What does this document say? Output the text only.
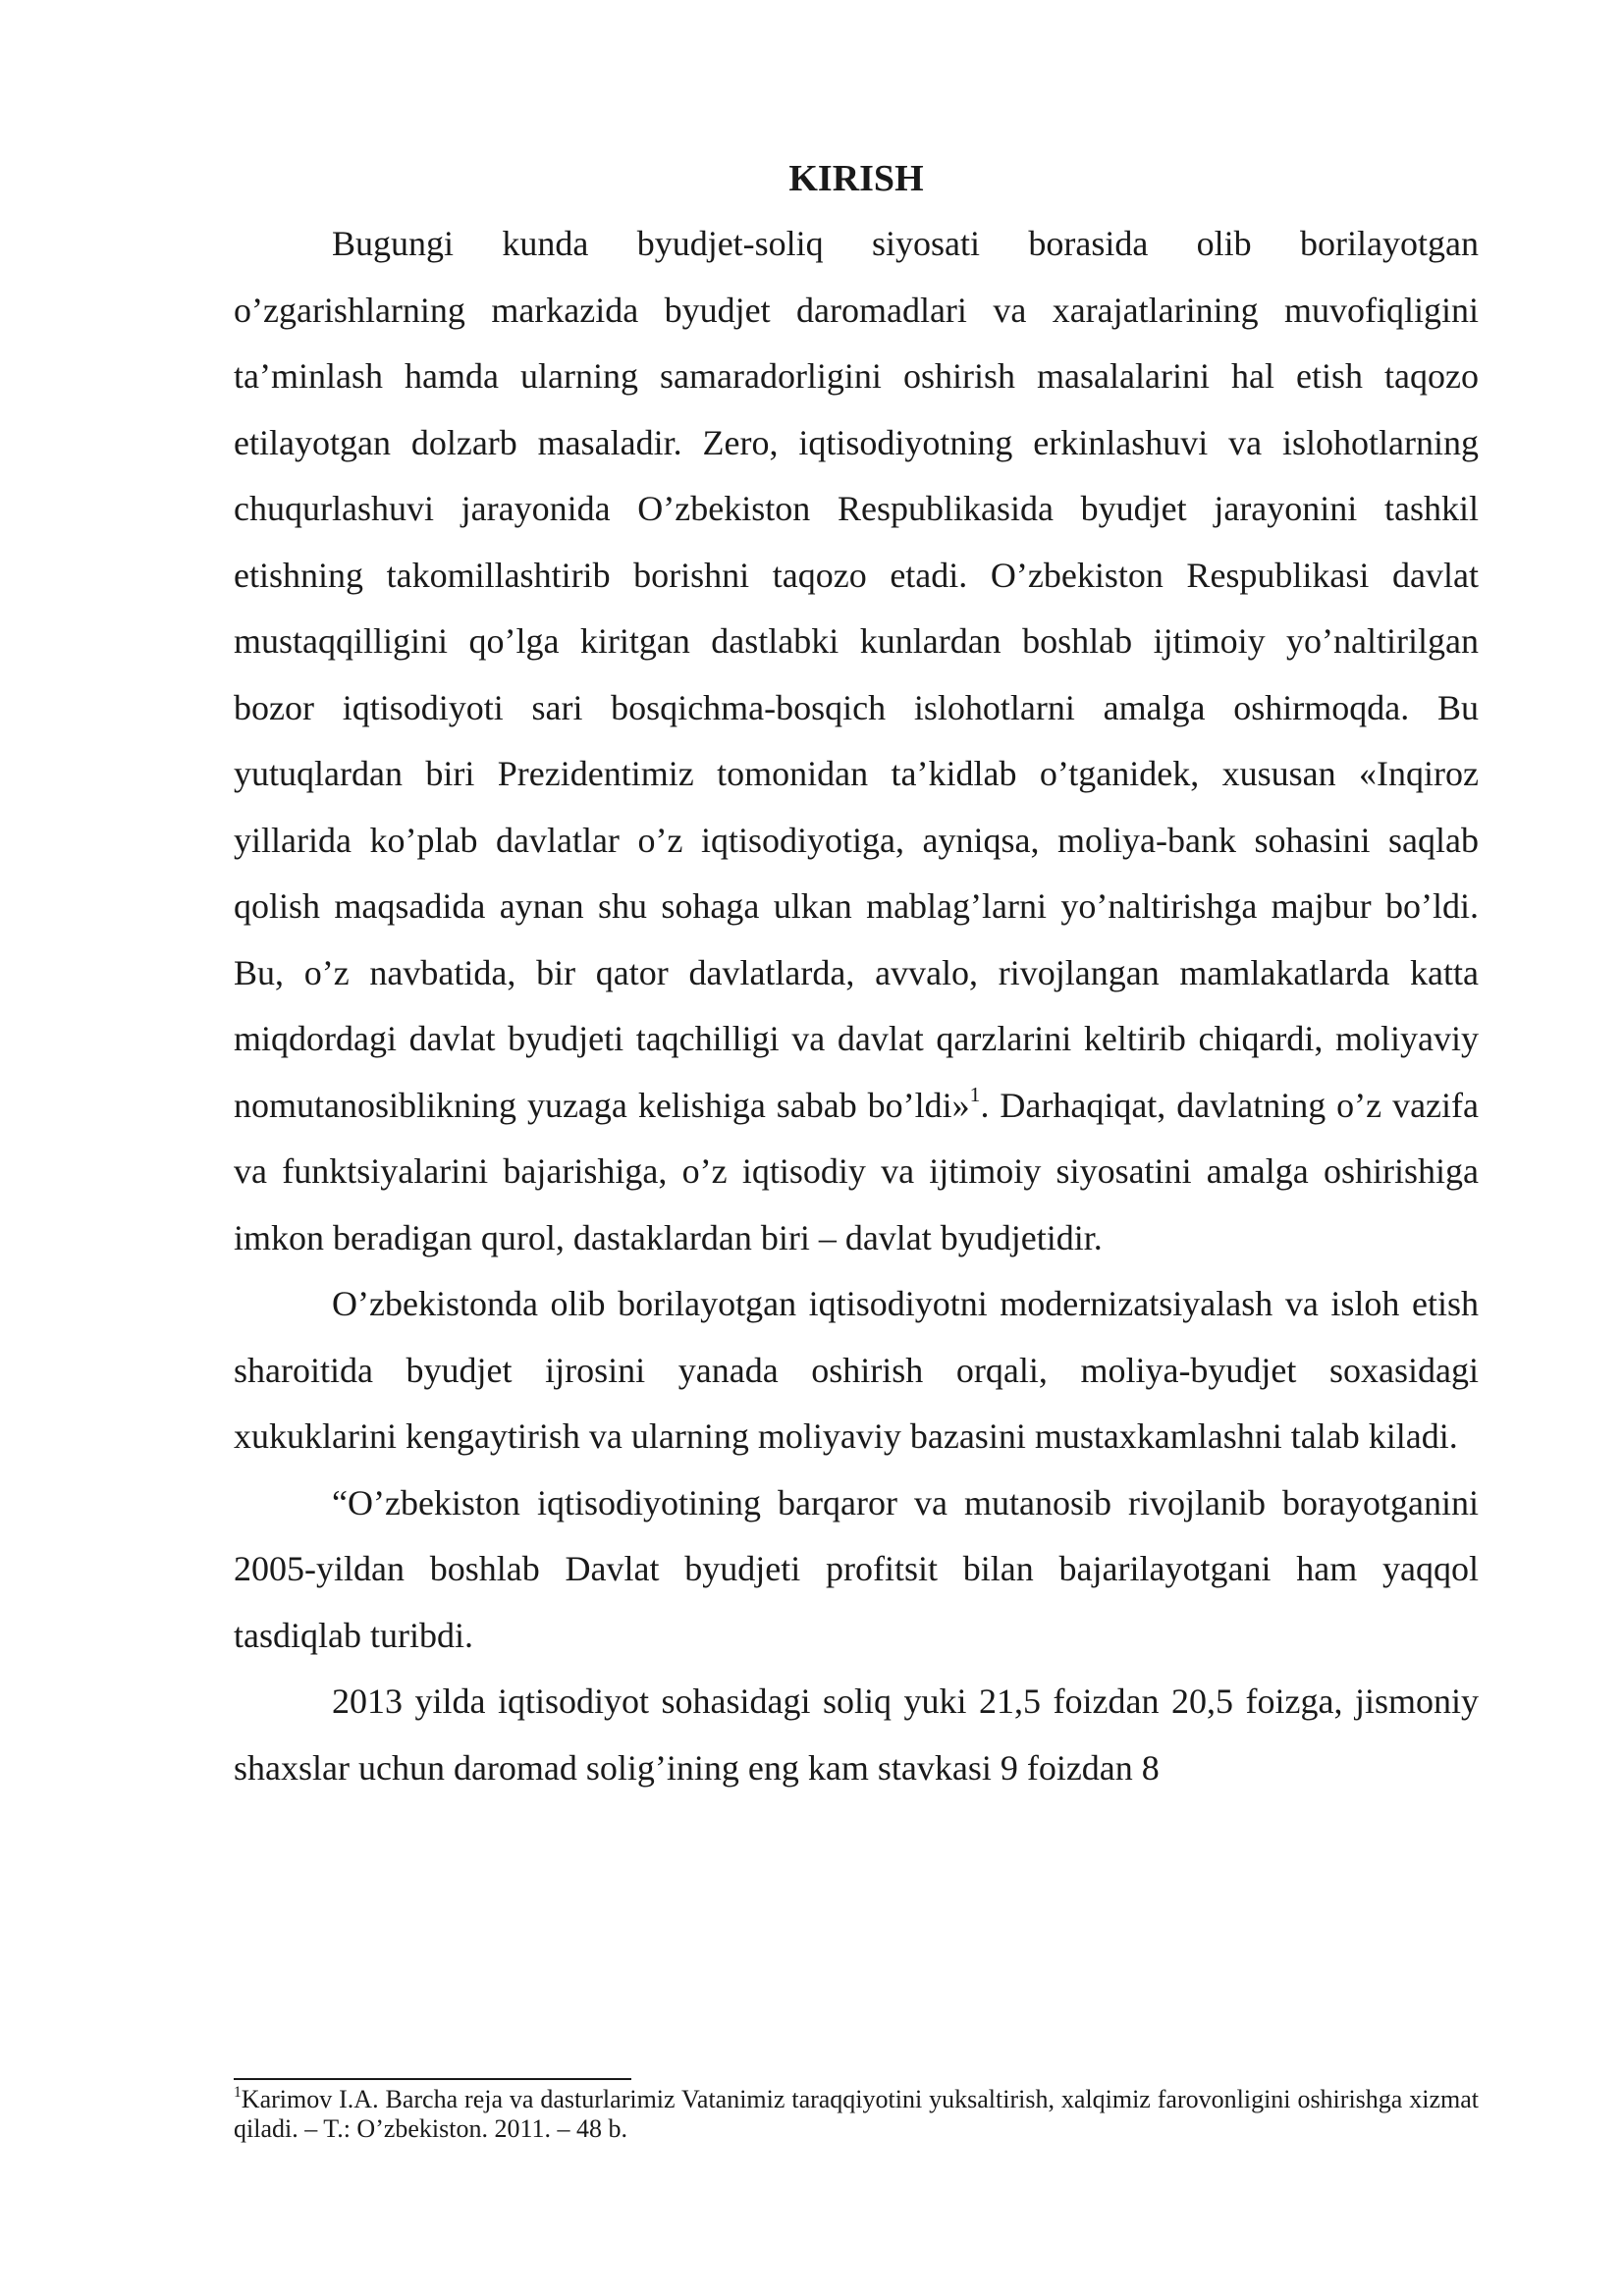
KIRISH

Bugungi kunda byudjet-soliq siyosati borasida olib borilayotgan o’zgarishlarning markazida byudjet daromadlari va xarajatlarining muvofiqligini ta’minlash hamda ularning samaradorligini oshirish masalalarini hal etish taqozo etilayotgan dolzarb masaladir. Zero, iqtisodiyotning erkinlashuvi va islohotlarning chuqurlashuvi jarayonida O’zbekiston Respublikasida byudjet jarayonini tashkil etishning takomillashtirib borishni taqozo etadi. O’zbekiston Respublikasi davlat mustaqqilligini qo’lga kiritgan dastlabki kunlardan boshlab ijtimoiy yo’naltirilgan bozor iqtisodiyoti sari bosqichma-bosqich islohotlarni amalga oshirmoqda. Bu yutuqlardan biri Prezidentimiz tomonidan ta’kidlab o’tganidek, xususan «Inqiroz yillarida ko’plab davlatlar o’z iqtisodiyotiga, ayniqsa, moliya-bank sohasini saqlab qolish maqsadida aynan shu sohaga ulkan mablag’larni yo’naltirishga majbur bo’ldi. Bu, o’z navbatida, bir qator davlatlarda, avvalo, rivojlangan mamlakatlarda katta miqdordagi davlat byudjeti taqchilligi va davlat qarzlarini keltirib chiqardi, moliyaviy nomutanosiblikning yuzaga kelishiga sabab bo’ldi»$^1$. Darhaqiqat, davlatning o’z vazifa va funktsiyalarini bajarishiga, o’z iqtisodiy va ijtimoiy siyosatini amalga oshirishiga imkon beradigan qurol, dastaklardan biri – davlat byudjetidir.

O’zbekistonda olib borilayotgan iqtisodiyotni modernizatsiyalash va isloh etish sharoitida byudjet ijrosini yanada oshirish orqali, moliya-byudjet soxasidagi xukuklarini kengaytirish va ularning moliyaviy bazasini mustaxkamlashni talab kiladi.

“O’zbekiston iqtisodiyotining barqaror va mutanosib rivojlanib borayotganini 2005-yildan boshlab Davlat byudjeti profitsit bilan bajarilayotgani ham yaqqol tasdiqlab turibdi.

2013 yilda iqtisodiyot sohasidagi soliq yuki 21,5 foizdan 20,5 foizga, jismoniy shaxslar uchun daromad solig’ining eng kam stavkasi 9 foizdan 8

$^1$Karimov I.A. Barcha reja va dasturlarimiz Vatanimiz taraqqiyotini yuksaltirish, xalqimiz farovonligini oshirishga xizmat qiladi. – T.: O’zbekiston. 2011. – 48 b.
